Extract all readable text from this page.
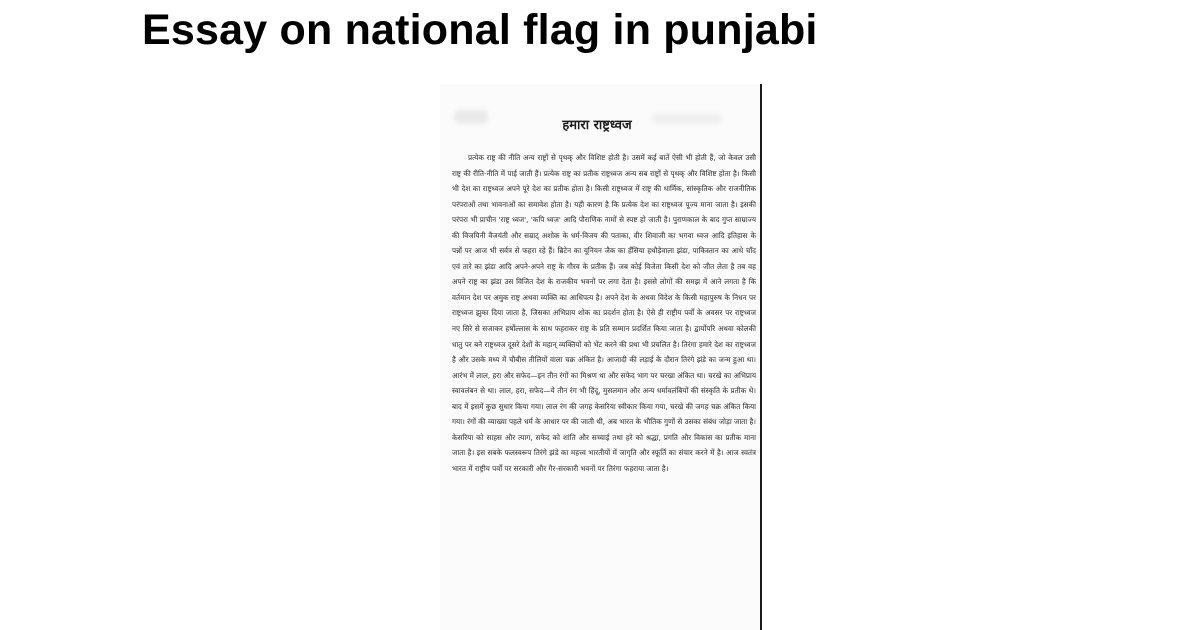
Essay on national flag in punjabi
हमारा राष्ट्रध्वज
प्रत्येक राष्ट्र की नीति अन्य राष्ट्रों से पृथक् और विशिष्ट होती है। उसमें कई बातें ऐसी भी होती हैं, जो केवल उसी राष्ट्र की रीति-नीति में पाई जाती हैं। प्रत्येक राष्ट्र का प्रतीक राष्ट्रध्वज अन्य सब राष्ट्रों से पृथक् और विशिष्ट होता है। किसी भी देश का राष्ट्रध्वज अपने पूरे देश का प्रतीक होता है। किसी राष्ट्रध्वज में राष्ट्र की धार्मिक, सांस्कृतिक और राजनीतिक परंपराओं तथा भावनाओं का समावेश होता है। यही कारण है कि प्रत्येक देश का राष्ट्रध्वज पूज्य माना जाता है। इसकी परंपरा भी प्राचीन 'राष्ट्र ध्वज', 'कपि ध्वज' आदि पौराणिक नामों से स्पष्ट हो जाती है। पुराणकाल के बाद गुप्त साम्राज्य की विजयिनी वैजयंती और सम्राट् अशोक के धर्म-विजय की पताका, वीर शिवाजी का भगवा ध्वज आदि इतिहास के पन्नों पर आज भी सर्वत्र से फहरा रहे हैं। ब्रिटेन का यूनियन जैक का हँसिया हथौड़ेवाला झंडा, पाकिस्तान का आधे चाँद एवं तारे का झंडा आदि अपने-अपने राष्ट्र के गौरव के प्रतीक हैं। जब कोई विजेता किसी देश को जीत लेता है तब वह अपने राष्ट्र का झंडा उस विजित देश के राजकीय भवनों पर लगा देता है। इससे लोगों की समझ में आने लगता है कि वर्तमान देश पर अमुक राष्ट्र अथवा व्यक्ति का आधिपत्य है। अपने देश के अथवा विदेश के किसी महापुरुष के निधन पर राष्ट्रध्वज झुका दिया जाता है, जिसका अभिप्राय शोक का प्रदर्शन होता है। ऐसे ही राष्ट्रीय पर्वों के अवसर पर राष्ट्रध्वज नए सिरे से सजाकर हर्षोल्लास के साथ फहराकर राष्ट्र के प्रति सम्मान प्रदर्शित किया जाता है। द्वार्योपरि अथवा कोलकी धातु पर बने राष्ट्रध्वज दूसरे देशों के महान् व्यक्तियों को भेंट करने की प्रथा भी प्रचलित है। तिरंगा हमारे देश का राष्ट्रध्वज है और उसके मध्य में चौबीस तीलियों वाला चक्र अंकित है। आजादी की लड़ाई के दौरान तिरंगे झंडे का जन्म हुआ था। आरंभ में लाल, हरा और सफेद—इन तीन रंगों का मिश्रण था और सफेद भाग पर चरखा अंकित था। चरखे का अभिप्राय स्वावलंबन से था। लाल, हरा, सफेद—ये तीन रंग भी हिंदू, मुसलमान और अन्य धर्मावलंबियों की संस्कृति के प्रतीक थे। बाद में इसमें कुछ सुधार किया गया। लाल रंग की जगह केसरिया स्वीकार किया गया, चरखे की जगह चक्र अंकित किया गया। रंगों की व्याख्या पहले धर्म के आधार पर की जाती थी, अब भारत के भौतिक गुणों से उसका संबंध जोड़ा जाता है। केसरिया को साहस और त्याग, सफेद को शांति और सच्चाई तथा हरे को श्रद्धा, प्रगति और विकास का प्रतीक माना जाता है। इस सबके फलस्वरूप तिरंगे झंडे का महत्त्व भारतीयों में जागृति और स्फूर्ति का संचार करने में है। आज स्वतंत्र भारत में राष्ट्रीय पर्वों पर सरकारी और गैर-सरकारी भवनों पर तिरंगा फहराया जाता है।
